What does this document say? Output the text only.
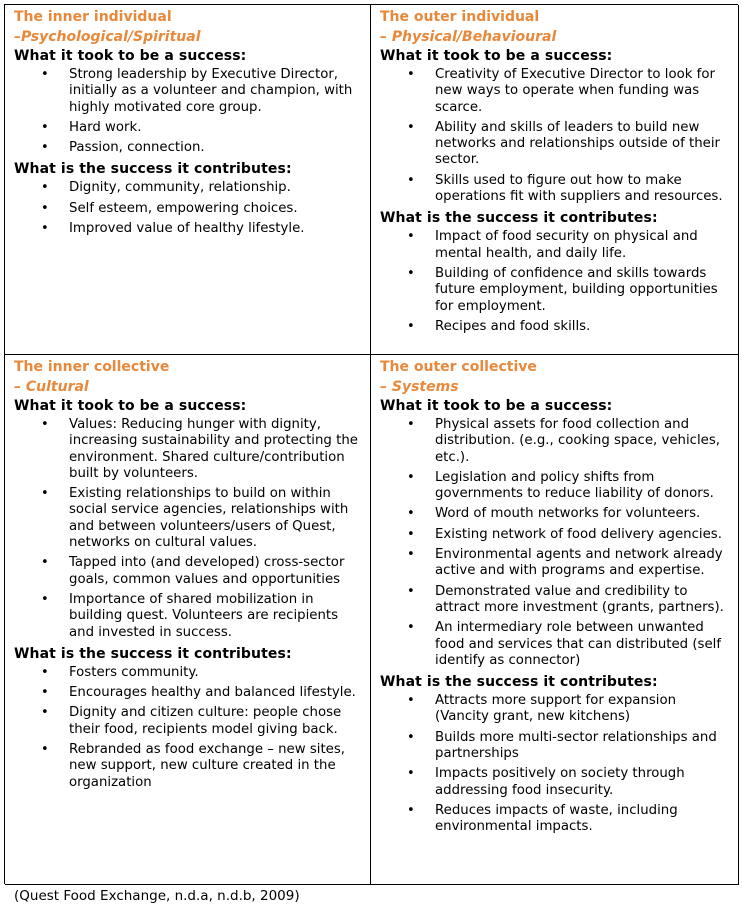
The inner individual

–Psychological/Spiritual

What it took to be a success:

• Strong leadership by Executive Director, initially as a volunteer and champion, with highly motivated core group.
• Hard work.
• Passion, connection.

What is the success it contributes:

• Dignity, community, relationship.
• Self esteem, empowering choices.
• Improved value of healthy lifestyle.

The outer individual

– Physical/Behavioural

What it took to be a success:

• Creativity of Executive Director to look for new ways to operate when funding was scarce.
• Ability and skills of leaders to build new networks and relationships outside of their sector.
• Skills used to figure out how to make operations fit with suppliers and resources.

What is the success it contributes:

• Impact of food security on physical and mental health, and daily life.
• Building of confidence and skills towards future employment, building opportunities for employment.
• Recipes and food skills.

The inner collective

– Cultural

What it took to be a success:

• Values: Reducing hunger with dignity, increasing sustainability and protecting the environment. Shared culture/contribution built by volunteers.
• Existing relationships to build on within social service agencies, relationships with and between volunteers/users of Quest, networks on cultural values.
• Tapped into (and developed) cross-sector goals, common values and opportunities
• Importance of shared mobilization in building quest. Volunteers are recipients and invested in success.

What is the success it contributes:

• Fosters community.
• Encourages healthy and balanced lifestyle.
• Dignity and citizen culture: people chose their food, recipients model giving back.
• Rebranded as food exchange – new sites, new support, new culture created in the organization

The outer collective

– Systems

What it took to be a success:

• Physical assets for food collection and distribution. (e.g., cooking space, vehicles, etc.).
• Legislation and policy shifts from governments to reduce liability of donors.
• Word of mouth networks for volunteers.
• Existing network of food delivery agencies.
• Environmental agents and network already active and with programs and expertise.
• Demonstrated value and credibility to attract more investment (grants, partners).
• An intermediary role between unwanted food and services that can distributed (self identify as connector)

What is the success it contributes:

• Attracts more support for expansion (Vancity grant, new kitchens)
• Builds more multi-sector relationships and partnerships
• Impacts positively on society through addressing food insecurity.
• Reduces impacts of waste, including environmental impacts.
(Quest Food Exchange, n.d.a, n.d.b, 2009)
